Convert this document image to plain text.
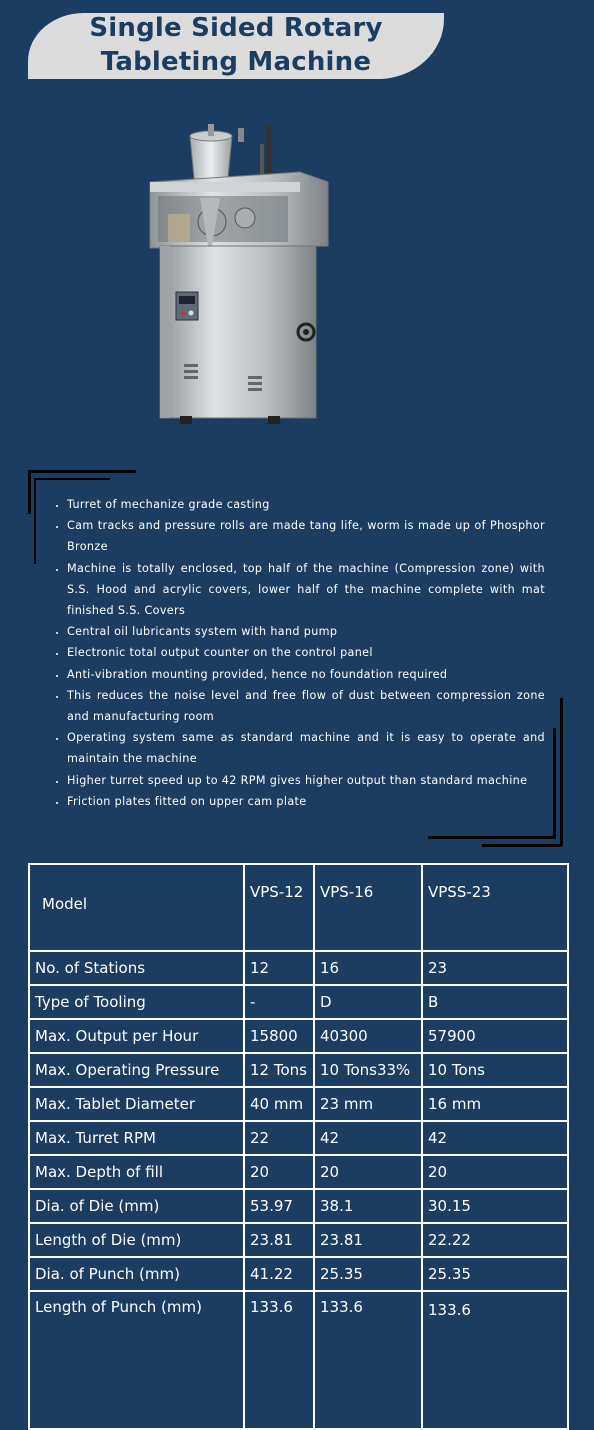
Single Sided Rotary
Tableting Machine
• Turret of mechanize grade casting
• Cam tracks and pressure rolls are made tang life, worm is made up of Phosphor Bronze
• Machine is totally enclosed, top half of the machine (Compression zone) with S.S. Hood and acrylic covers, lower half of the machine complete with mat finished S.S. Covers
• Central oil lubricants system with hand pump
• Electronic total output counter on the control panel
• Anti-vibration mounting provided, hence no foundation required
• This reduces the noise level and free flow of dust between compression zone and manufacturing room
• Operating system same as standard machine and it is easy to operate and maintain the machine
• Higher turret speed up to 42 RPM gives higher output than standard machine
• Friction plates fitted on upper cam plate
Model	VPS-12	VPS-16	VPSS-23
No. of Stations	12	16	23
Type of Tooling	-	D	B
Max. Output per Hour	15800	40300	57900
Max. Operating Pressure	12 Tons	10 Tons33%	10 Tons
Max. Tablet Diameter	40 mm	23 mm	16 mm
Max. Turret RPM	22	42	42
Max. Depth of fill	20	20	20
Dia. of Die (mm)	53.97	38.1	30.15
Length of Die (mm)	23.81	23.81	22.22
Dia. of Punch (mm)	41.22	25.35	25.35
Length of Punch (mm)	133.6	133.6	133.6
